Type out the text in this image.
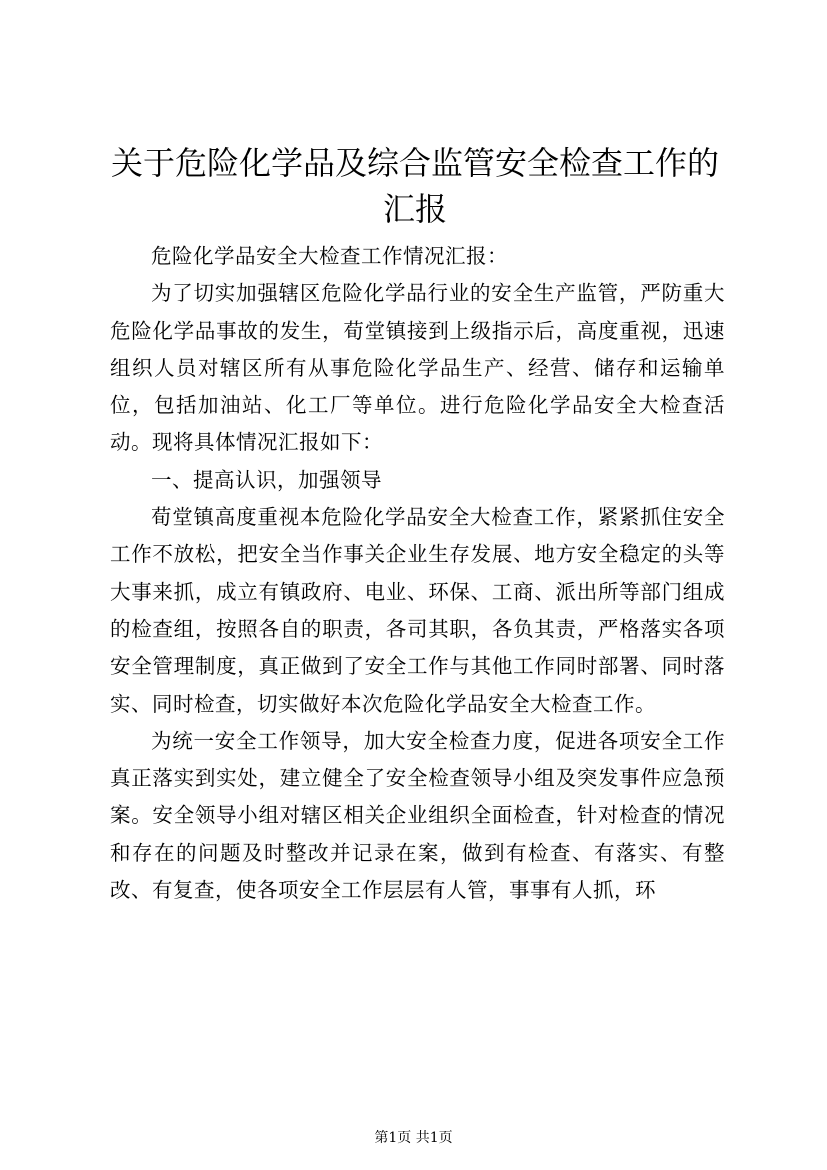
关于危险化学品及综合监管安全检查工作的汇报

危险化学品安全大检查工作情况汇报：

为了切实加强辖区危险化学品行业的安全生产监管，严防重大危险化学品事故的发生，荀堂镇接到上级指示后，高度重视，迅速组织人员对辖区所有从事危险化学品生产、经营、储存和运输单位，包括加油站、化工厂等单位。进行危险化学品安全大检查活动。现将具体情况汇报如下：

一、提高认识，加强领导

荀堂镇高度重视本危险化学品安全大检查工作，紧紧抓住安全工作不放松，把安全当作事关企业生存发展、地方安全稳定的头等大事来抓，成立有镇政府、电业、环保、工商、派出所等部门组成的检查组，按照各自的职责，各司其职，各负其责，严格落实各项安全管理制度，真正做到了安全工作与其他工作同时部署、同时落实、同时检查，切实做好本次危险化学品安全大检查工作。

为统一安全工作领导，加大安全检查力度，促进各项安全工作真正落实到实处，建立健全了安全检查领导小组及突发事件应急预案。安全领导小组对辖区相关企业组织全面检查，针对检查的情况和存在的问题及时整改并记录在案，做到有检查、有落实、有整改、有复查，使各项安全工作层层有人管，事事有人抓，环

第1页 共1页
